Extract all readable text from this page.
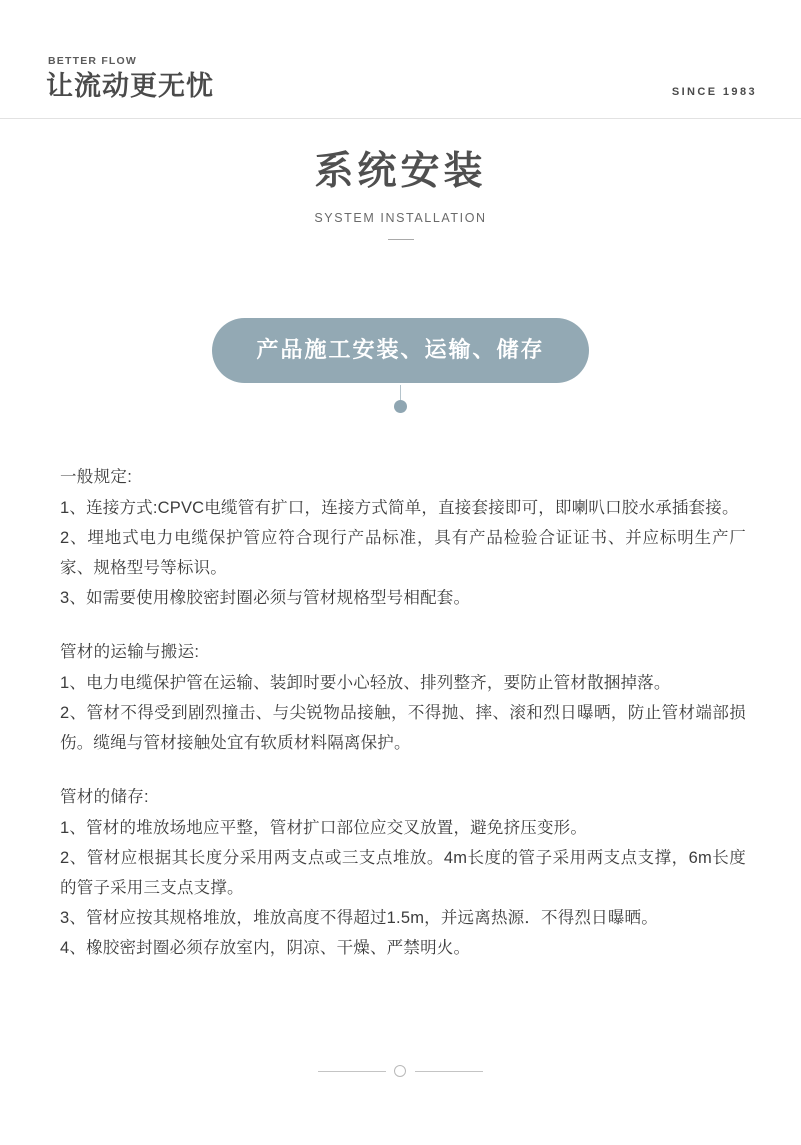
BETTER FLOW
让流动更无忧	SINCE 1983
系统安装
SYSTEM INSTALLATION
产品施工安装、运输、储存

一般规定:

1、连接方式:CPVC电缆管有扩口，连接方式简单，直接套接即可，即喇叭口胶水承插套接。

2、埋地式电力电缆保护管应符合现行产品标准，具有产品检验合证证书、并应标明生产厂家、规格型号等标识。

3、如需要使用橡胶密封圈必须与管材规格型号相配套。

管材的运输与搬运:

1、电力电缆保护管在运输、装卸时要小心轻放、排列整齐，要防止管材散捆掉落。

2、管材不得受到剧烈撞击、与尖锐物品接触，不得抛、摔、滚和烈日曝晒，防止管材端部损伤。缆绳与管材接触处宜有软质材料隔离保护。

管材的储存:

1、管材的堆放场地应平整，管材扩口部位应交叉放置，避免挤压变形。

2、管材应根据其长度分采用两支点或三支点堆放。4m长度的管子采用两支点支撑，6m长度的管子采用三支点支撑。

3、管材应按其规格堆放，堆放高度不得超过1.5m，并远离热源．不得烈日曝晒。

4、橡胶密封圈必须存放室内，阴凉、干燥、严禁明火。
